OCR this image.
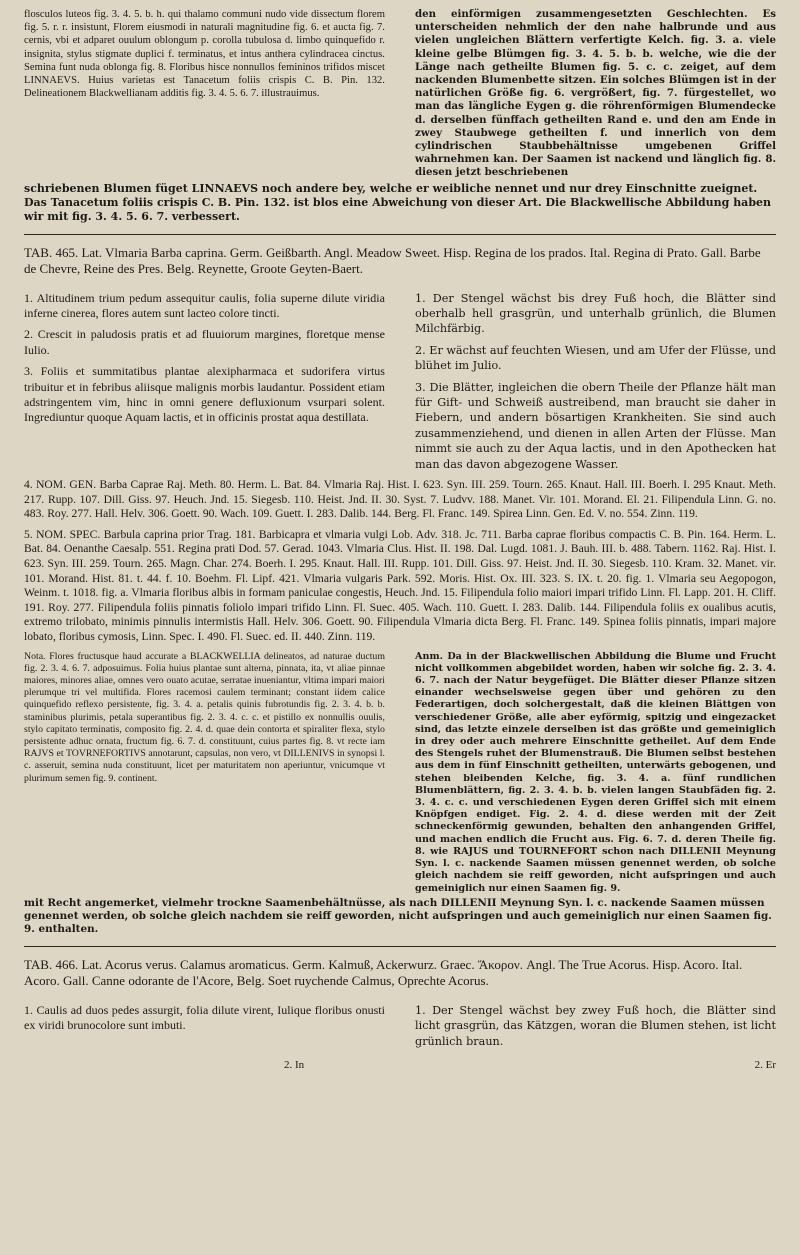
flosculos luteos fig. 3. 4. 5. b. h. qui thalamo communi nudo vide dissectum florem fig. 5. r. r. insistunt, Florem eiusmodi in naturali magnitudine fig. 6. et aucta fig. 7. cernis, vbi et adparet ouulum oblongum p. corolla tubulosa d. limbo quinquefido r. insignita, stylus stigmate duplici f. terminatus, et intus anthera cylindracea cinctus. Semina funt nuda oblonga fig. 8. Floribus hisce nonnullos femininos trifidos miscet LINNAEVS. Huius varietas est Tanacetum foliis crispis C. B. Pin. 132. Delineationem Blackwellianam additis fig. 3. 4. 5. 6. 7. illustrauimus.
den einförmigen zusammengesetzten Geschlechten. Es unterscheiden nehmlich der den nahe halbrunde und aus vielen ungleichen Blättern verfertigte Kelch. fig. 3. a. viele kleine gelbe Blümgen fig. 3. 4. 5. b. b. welche, wie die der Länge nach getheilte Blumen fig. 5. c. c. zeiget, auf dem nackenden Blumenbette sitzen. Ein solches Blümgen ist in der natürlichen Größe fig. 6. vergrößert, fig. 7. fürgestellet, wo man das längliche Eygen g. die röhrenförmigen Blumendecke d. derselben fünffach getheilten Rand e. und den am Ende in zwey Staubwege getheilten f. und innerlich von dem cylindrischen Staubbehältnisse umgebenen Griffel wahrnehmen kan. Der Saamen ist nackend und länglich fig. 8. diesen jetzt beschriebenen
schriebenen Blumen füget LINNAEVS noch andere bey, welche er weibliche nennet und nur drey Einschnitte zueignet. Das Tanacetum foliis crispis C. B. Pin. 132. ist blos eine Abweichung von dieser Art. Die Blackwellische Abbildung haben wir mit fig. 3. 4. 5. 6. 7. verbessert.
TAB. 465. Lat. Vlmaria Barba caprina. Germ. Geißbarth. Angl. Meadow Sweet. Hisp. Regina de los prados. Ital. Regina di Prato. Gall. Barbe de Chevre, Reine des Pres. Belg. Reynette, Groote Geyten-Baert.
1. Altitudinem trium pedum assequitur caulis, folia superne dilute viridia inferne cinerea, flores autem sunt lacteo colore tincti.
2. Crescit in paludosis pratis et ad fluuiorum margines, floretque mense Iulio.
3. Foliis et summitatibus plantae alexipharmaca et sudorifera virtus tribuitur et in febribus aliisque malignis morbis laudantur. Possident etiam adstringentem vim, hinc in omni genere defluxionum vsurpari solent. Ingrediuntur quoque Aquam lactis, et in officinis prostat aqua destillata.
1. Der Stengel wächst bis drey Fuß hoch, die Blätter sind oberhalb hell grasgrün, und unterhalb grünlich, die Blumen Milchfärbig.
2. Er wächst auf feuchten Wiesen, und am Ufer der Flüsse, und blühet im Julio.
3. Die Blätter, ingleichen die obern Theile der Pflanze hält man für Gift- und Schweiß austreibend, man braucht sie daher in Fiebern, und andern bösartigen Krankheiten. Sie sind auch zusammenziehend, und dienen in allen Arten der Flüsse. Man nimmt sie auch zu der Aqua lactis, und in den Apothecken hat man das davon abgezogene Wasser.
4. NOM. GEN. Barba Caprae Raj. Meth. 80. Herm. L. Bat. 84. Vlmaria Raj. Hist. I. 623. Syn. III. 259. Tourn. 265. Knaut. Hall. III. Boerh. I. 295 Knaut. Meth. 217. Rupp. 107. Dill. Giss. 97. Heuch. Jnd. 15. Siegesb. 110. Heist. Jnd. II. 30. Syst. 7. Ludvv. 188. Manet. Vir. 101. Morand. El. 21. Filipendula Linn. G. no. 483. Roy. 277. Hall. Helv. 306. Goett. 90. Wach. 109. Guett. I. 283. Dalib. 144. Berg. Fl. Franc. 149. Spirea Linn. Gen. Ed. V. no. 554. Zinn. 119.
5. NOM. SPEC. Barbula caprina prior Trag. 181. Barbicapra et vlmaria vulgi Lob. Adv. 318. Jc. 711. Barba caprae floribus compactis C. B. Pin. 164. Herm. L. Bat. 84. Oenanthe Caesalp. 551. Regina prati Dod. 57. Gerad. 1043. Vlmaria Clus. Hist. II. 198. Dal. Lugd. 1081. J. Bauh. III. b. 488. Tabern. 1162. Raj. Hist. I. 623. Syn. III. 259. Tourn. 265. Magn. Char. 274. Boerh. I. 295. Knaut. Hall. III. Rupp. 101. Dill. Giss. 97. Heist. Jnd. II. 30. Siegesb. 110. Kram. 32. Manet. vir. 101. Morand. Hist. 81. t. 44. f. 10. Boehm. Fl. Lipf. 421. Vlmaria vulgaris Park. 592. Moris. Hist. Ox. III. 323. S. IX. t. 20. fig. 1. Vlmaria seu Aegopogon, Weinm. t. 1018. fig. a. Vlmaria floribus albis in formam paniculae congestis, Heuch. Jnd. 15. Filipendula folio maiori impari trifido Linn. Fl. Lapp. 201. H. Cliff. 191. Roy. 277. Filipendula foliis pinnatis foliolo impari trifido Linn. Fl. Suec. 405. Wach. 110. Guett. I. 283. Dalib. 144. Filipendula foliis ex oualibus acutis, extremo trilobato, minimis pinnulis intermistis Hall. Helv. 306. Goett. 90. Filipendula Vlmaria dicta Berg. Fl. Franc. 149. Spinea foliis pinnatis, impari majore lobato, floribus cymosis, Linn. Spec. I. 490. Fl. Suec. ed. II. 440. Zinn. 119.
Nota. Flores fructusque haud accurate a BLACKWELLIA delineatos, ad naturae ductum fig. 2. 3. 4. 6. 7. adposuimus. Folia huius plantae sunt alterna, pinnata, ita, vt aliae pinnae maiores, minores aliae, omnes vero ouato acutae, serratae inueniantur, vltima impari maiori plerumque tri vel multifida. Flores racemosi caulem terminant; constant iidem calice quinquefido reflexo persistente, fig. 3. 4. a. petalis quinis fubrotundis fig. 2. 3. 4. b. b. staminibus plurimis, petala superantibus fig. 2. 3. 4. c. c. et pistillo ex nonnullis ouulis, stylo capitato terminatis, composito fig. 2. 4. d. quae dein contorta et spiraliter flexa, stylo persistente adhuc ornata, fructum fig. 6. 7. d. constituunt, cuius partes fig. 8. vt recte iam RAJVS et TOVRNEFORTIVS annotarunt, capsulas, non vero, vt DILLENIVS in synopsi l. c. asseruit, semina nuda constituunt, licet per maturitatem non aperiuntur, vnicumque vt plurimum semen fig. 9. continent.
Anm. Da in der Blackwellischen Abbildung die Blume und Frucht nicht vollkommen abgebildet worden, haben wir solche fig. 2. 3. 4. 6. 7. nach der Natur beygefüget. Die Blätter dieser Pflanze sitzen einander wechselsweise gegen über und gehören zu den Federartigen, doch solchergestalt, daß die kleinen Blättgen von verschiedener Größe, alle aber eyförmig, spitzig und eingezacket sind, das letzte einzele derselben ist das größte und gemeiniglich in drey oder auch mehrere Einschnitte getheilet. Auf dem Ende des Stengels ruhet der Blumenstrauß. Die Blumen selbst bestehen aus dem in fünf Einschnitt getheilten, unterwärts gebogenen, und stehen bleibenden Kelche, fig. 3. 4. a. fünf rundlichen Blumenblättern, fig. 2. 3. 4. b. b. vielen langen Staubfäden fig. 2. 3. 4. c. c. und verschiedenen Eygen deren Griffel sich mit einem Knöpfgen endiget. Fig. 2. 4. d. diese werden mit der Zeit schneckenförmig gewunden, behalten den anhangenden Griffel, und machen endlich die Frucht aus. Fig. 6. 7. d. deren Theile fig. 8. wie RAJUS und TOURNEFORT schon nach DILLENII Meynung Syn. l. c. nackende Saamen müssen genennet werden, ob solche gleich nachdem sie reiff geworden, nicht aufspringen und auch gemeiniglich nur einen Saamen fig. 9.
mit Recht angemerket, vielmehr trockne Saamenbehältnüsse, als nach DILLENII Meynung Syn. l. c. nackende Saamen müssen genennet werden, ob solche gleich nachdem sie reiff geworden, nicht aufspringen und auch gemeiniglich nur einen Saamen fig. 9. enthalten.
TAB. 466. Lat. Acorus verus. Calamus aromaticus. Germ. Kalmuß, Ackerwurz. Graec. Ἄκορον. Angl. The True Acorus. Hisp. Acoro. Ital. Acoro. Gall. Canne odorante de l'Acore, Belg. Soet ruychende Calmus, Oprechte Acorus.
1. Caulis ad duos pedes assurgit, folia dilute virent, Iulique floribus onusti ex viridi brunocolore sunt imbuti.
1. Der Stengel wächst bey zwey Fuß hoch, die Blätter sind licht grasgrün, das Kätzgen, woran die Blumen stehen, ist licht grünlich braun.
2. In	2. Er
